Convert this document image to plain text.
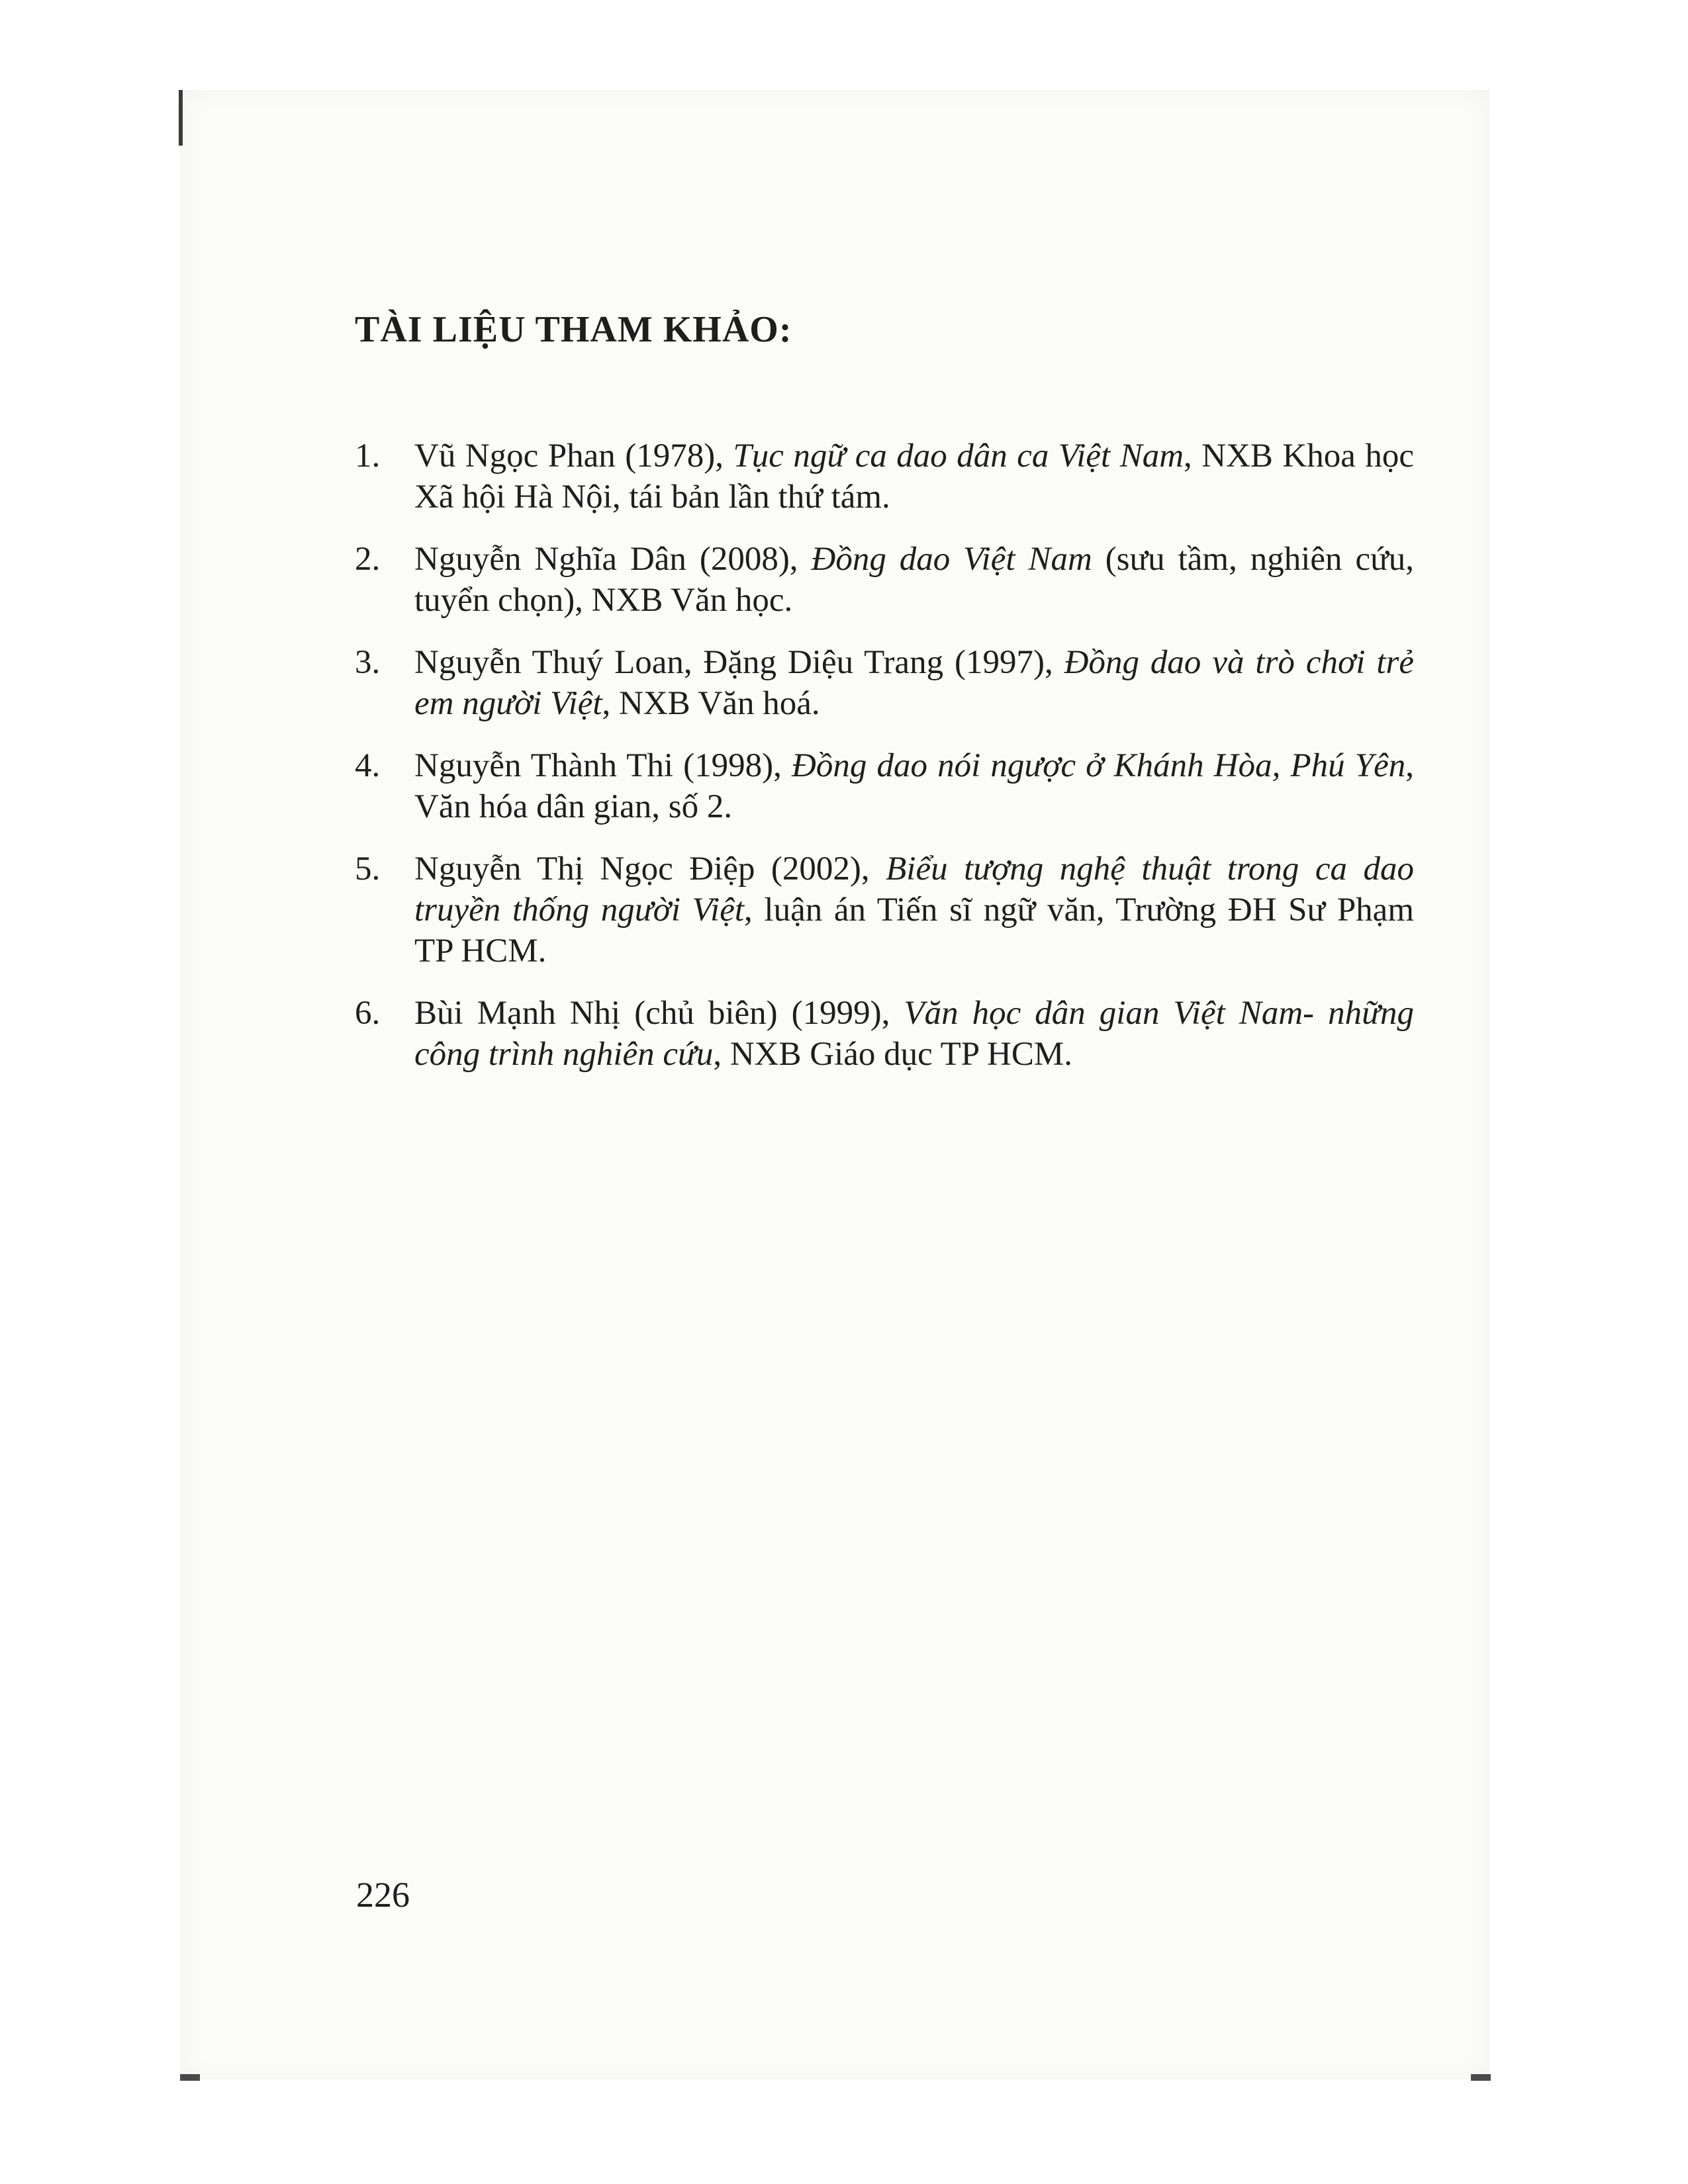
TÀI LIỆU THAM KHẢO:
1. Vũ Ngọc Phan (1978), Tục ngữ ca dao dân ca Việt Nam, NXB Khoa học Xã hội Hà Nội, tái bản lần thứ tám.
2. Nguyễn Nghĩa Dân (2008), Đồng dao Việt Nam (sưu tầm, nghiên cứu, tuyển chọn), NXB Văn học.
3. Nguyễn Thuý Loan, Đặng Diệu Trang (1997), Đồng dao và trò chơi trẻ em người Việt, NXB Văn hoá.
4. Nguyễn Thành Thi (1998), Đồng dao nói ngược ở Khánh Hòa, Phú Yên, Văn hóa dân gian, số 2.
5. Nguyễn Thị Ngọc Điệp (2002), Biểu tượng nghệ thuật trong ca dao truyền thống người Việt, luận án Tiến sĩ ngữ văn, Trường ĐH Sư Phạm TP HCM.
6. Bùi Mạnh Nhị (chủ biên) (1999), Văn học dân gian Việt Nam- những công trình nghiên cứu, NXB Giáo dục TP HCM.
226
